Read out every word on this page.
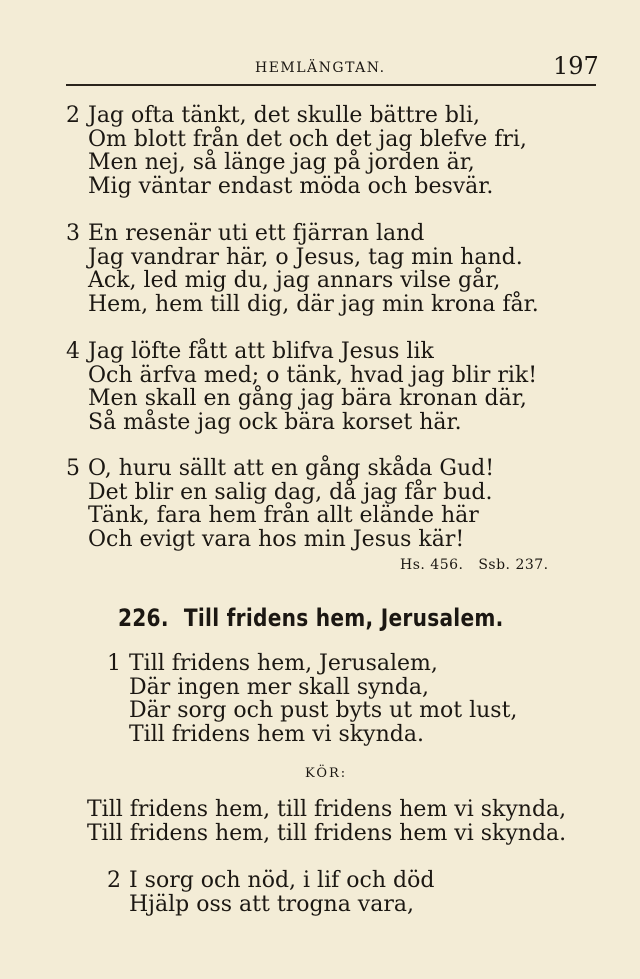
HEMLÄNGTAN.	197
2 Jag ofta tänkt, det skulle bättre bli,
Om blott från det och det jag blefve fri,
Men nej, så länge jag på jorden är,
Mig väntar endast möda och besvär.
3 En resenär uti ett fjärran land
Jag vandrar här, o Jesus, tag min hand.
Ack, led mig du, jag annars vilse går,
Hem, hem till dig, där jag min krona får.
4 Jag löfte fått att blifva Jesus lik
Och ärfva med; o tänk, hvad jag blir rik!
Men skall en gång jag bära kronan där,
Så måste jag ock bära korset här.
5 O, huru sällt att en gång skåda Gud!
Det blir en salig dag, då jag får bud.
Tänk, fara hem från allt elände här
Och evigt vara hos min Jesus kär!
Hs. 456.   Ssb. 237.
226. Till fridens hem, Jerusalem.
1 Till fridens hem, Jerusalem,
Där ingen mer skall synda,
Där sorg och pust byts ut mot lust,
Till fridens hem vi skynda.
KÖR:
Till fridens hem, till fridens hem vi skynda,
Till fridens hem, till fridens hem vi skynda.
2 I sorg och nöd, i lif och död
Hjälp oss att trogna vara,
